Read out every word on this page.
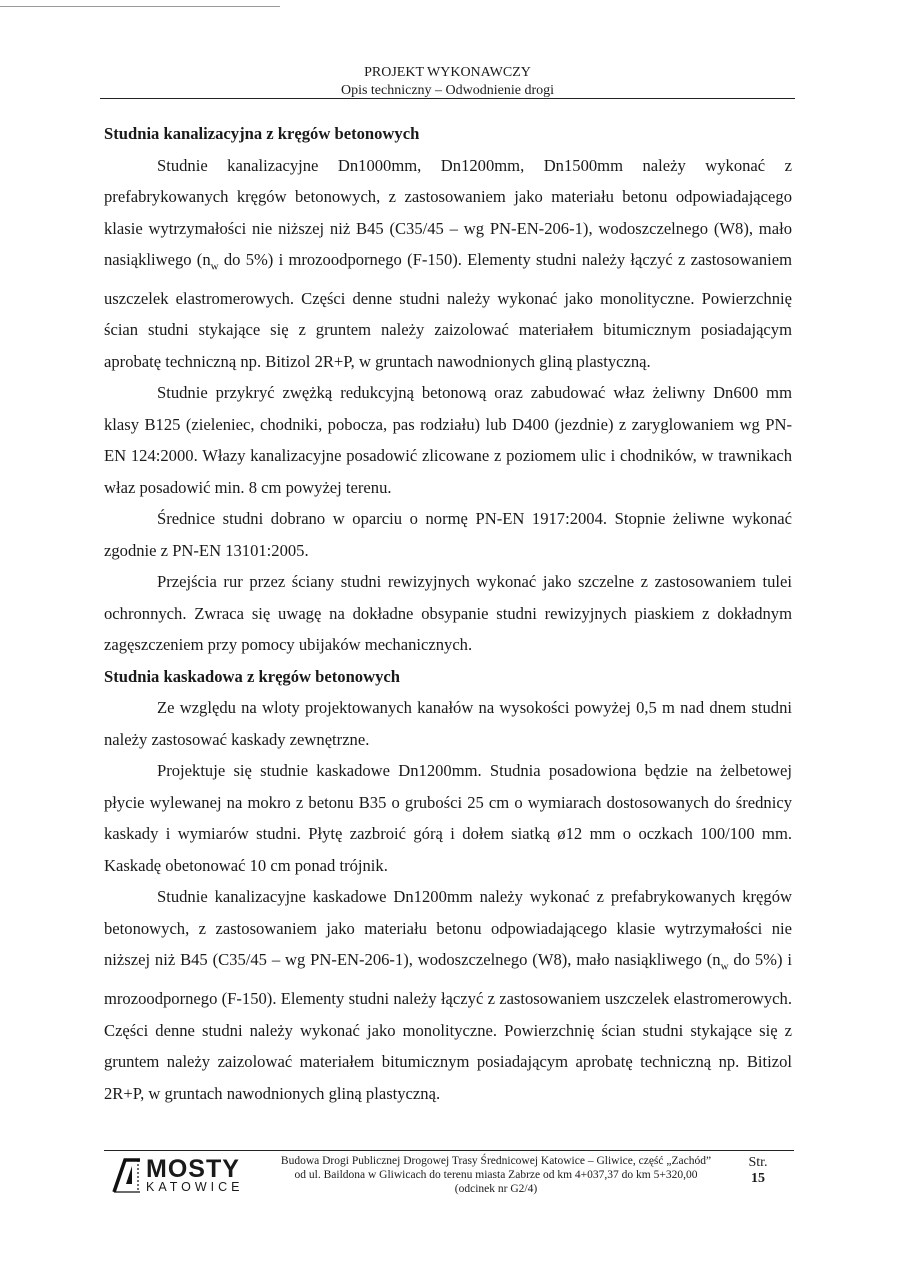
PROJEKT WYKONAWCZY
Opis techniczny – Odwodnienie drogi
Studnia kanalizacyjna z kręgów betonowych

Studnie kanalizacyjne Dn1000mm, Dn1200mm, Dn1500mm należy wykonać z prefabrykowanych kręgów betonowych, z zastosowaniem jako materiału betonu odpowiadającego klasie wytrzymałości nie niższej niż B45 (C35/45 – wg PN-EN-206-1), wodoszczelnego (W8), mało nasiąkliwego ($n_w$ do 5%) i mrozoodpornego (F-150). Elementy studni należy łączyć z zastosowaniem uszczelek elastromerowych. Części denne studni należy wykonać jako monolityczne. Powierzchnię ścian studni stykające się z gruntem należy zaizolować materiałem bitumicznym posiadającym aprobatę techniczną np. Bitizol 2R+P, w gruntach nawodnionych gliną plastyczną.

Studnie przykryć zwężką redukcyjną betonową oraz zabudować właz żeliwny Dn600 mm klasy B125 (zieleniec, chodniki, pobocza, pas rodziału) lub D400 (jezdnie) z zaryglowaniem wg PN-EN 124:2000. Włazy kanalizacyjne posadowić zlicowane z poziomem ulic i chodników, w trawnikach właz posadowić min. 8 cm powyżej terenu.

Średnice studni dobrano w oparciu o normę PN-EN 1917:2004. Stopnie żeliwne wykonać zgodnie z PN-EN 13101:2005.

Przejścia rur przez ściany studni rewizyjnych wykonać jako szczelne z zastosowaniem tulei ochronnych. Zwraca się uwagę na dokładne obsypanie studni rewizyjnych piaskiem z dokładnym zagęszczeniem przy pomocy ubijaków mechanicznych.

Studnia kaskadowa z kręgów betonowych

Ze względu na wloty projektowanych kanałów na wysokości powyżej 0,5 m nad dnem studni należy zastosować kaskady zewnętrzne.

Projektuje się studnie kaskadowe Dn1200mm. Studnia posadowiona będzie na żelbetowej płycie wylewanej na mokro z betonu B35 o grubości 25 cm o wymiarach dostosowanych do średnicy kaskady i wymiarów studni. Płytę zazbroić górą i dołem siatką ø12 mm o oczkach 100/100 mm. Kaskadę obetonować 10 cm ponad trójnik.

Studnie kanalizacyjne kaskadowe Dn1200mm należy wykonać z prefabrykowanych kręgów betonowych, z zastosowaniem jako materiału betonu odpowiadającego klasie wytrzymałości nie niższej niż B45 (C35/45 – wg PN-EN-206-1), wodoszczelnego (W8), mało nasiąkliwego ($n_w$ do 5%) i mrozoodpornego (F-150). Elementy studni należy łączyć z zastosowaniem uszczelek elastromerowych. Części denne studni należy wykonać jako monolityczne. Powierzchnię ścian studni stykające się z gruntem należy zaizolować materiałem bitumicznym posiadającym aprobatę techniczną np. Bitizol 2R+P, w gruntach nawodnionych gliną plastyczną.

MOSTY
KATOWICE
Budowa Drogi Publicznej Drogowej Trasy Średnicowej Katowice – Gliwice, część „Zachód”
od ul. Baildona w Gliwicach do terenu miasta Zabrze od km 4+037,37 do km 5+320,00
(odcinek nr G2/4)
Str.
15
